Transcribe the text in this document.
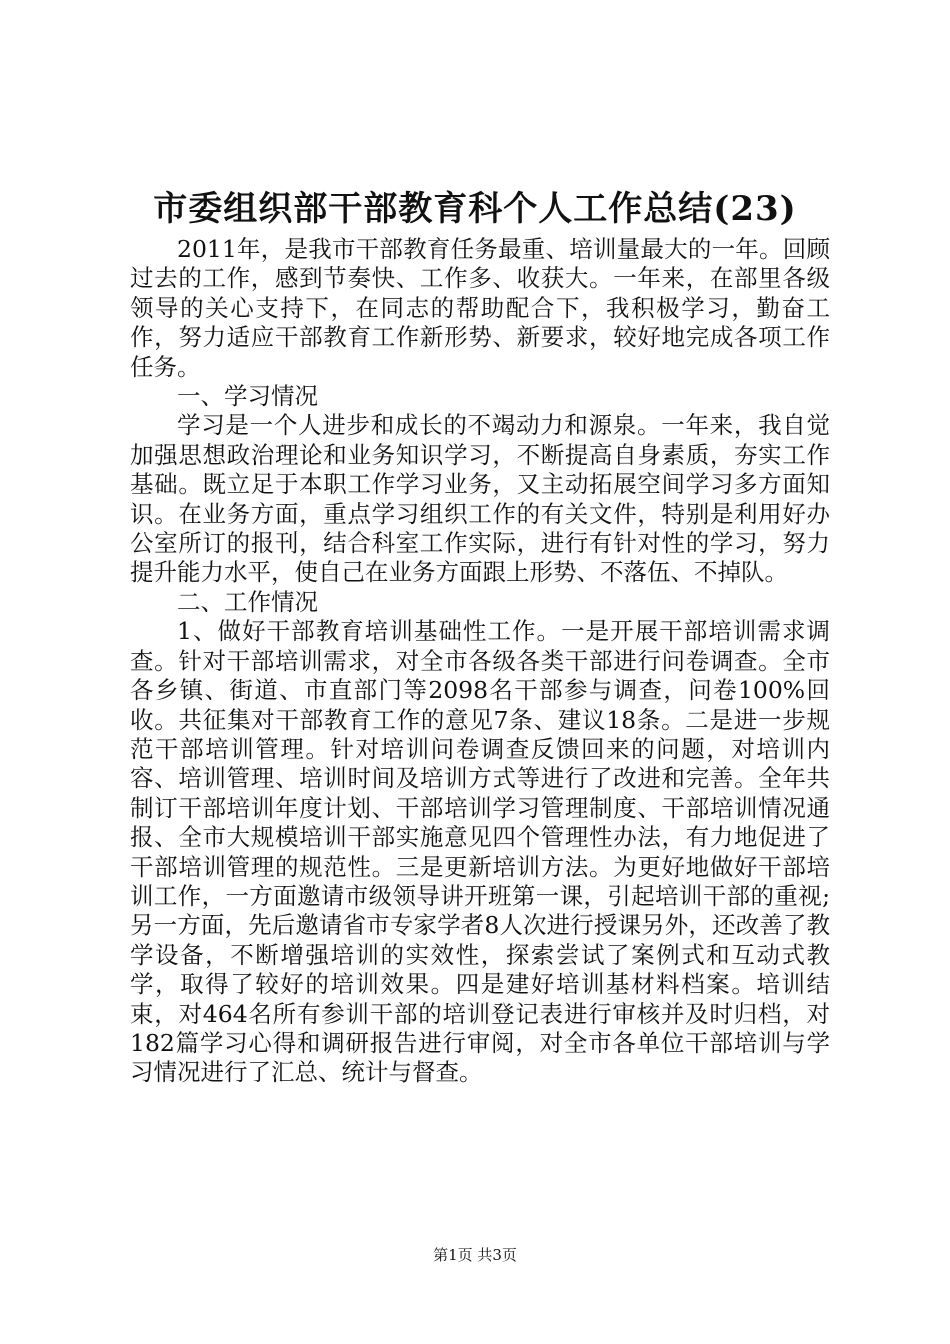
市委组织部干部教育科个人工作总结(23)

2011年，是我市干部教育任务最重、培训量最大的一年。回顾过去的工作，感到节奏快、工作多、收获大。一年来，在部里各级领导的关心支持下，在同志的帮助配合下，我积极学习，勤奋工作，努力适应干部教育工作新形势、新要求，较好地完成各项工作任务。

一、学习情况

学习是一个人进步和成长的不竭动力和源泉。一年来，我自觉加强思想政治理论和业务知识学习，不断提高自身素质，夯实工作基础。既立足于本职工作学习业务，又主动拓展空间学习多方面知识。在业务方面，重点学习组织工作的有关文件，特别是利用好办公室所订的报刊，结合科室工作实际，进行有针对性的学习，努力提升能力水平，使自己在业务方面跟上形势、不落伍、不掉队。

二、工作情况

1、做好干部教育培训基础性工作。一是开展干部培训需求调查。针对干部培训需求，对全市各级各类干部进行问卷调查。全市各乡镇、街道、市直部门等2098名干部参与调查，问卷100%回收。共征集对干部教育工作的意见7条、建议18条。二是进一步规范干部培训管理。针对培训问卷调查反馈回来的问题，对培训内容、培训管理、培训时间及培训方式等进行了改进和完善。全年共制订干部培训年度计划、干部培训学习管理制度、干部培训情况通报、全市大规模培训干部实施意见四个管理性办法，有力地促进了干部培训管理的规范性。三是更新培训方法。为更好地做好干部培训工作，一方面邀请市级领导讲开班第一课，引起培训干部的重视;另一方面，先后邀请省市专家学者8人次进行授课另外，还改善了教学设备，不断增强培训的实效性，探索尝试了案例式和互动式教学，取得了较好的培训效果。四是建好培训基材料档案。培训结束，对464名所有参训干部的培训登记表进行审核并及时归档，对182篇学习心得和调研报告进行审阅，对全市各单位干部培训与学习情况进行了汇总、统计与督查。

第1页 共3页
